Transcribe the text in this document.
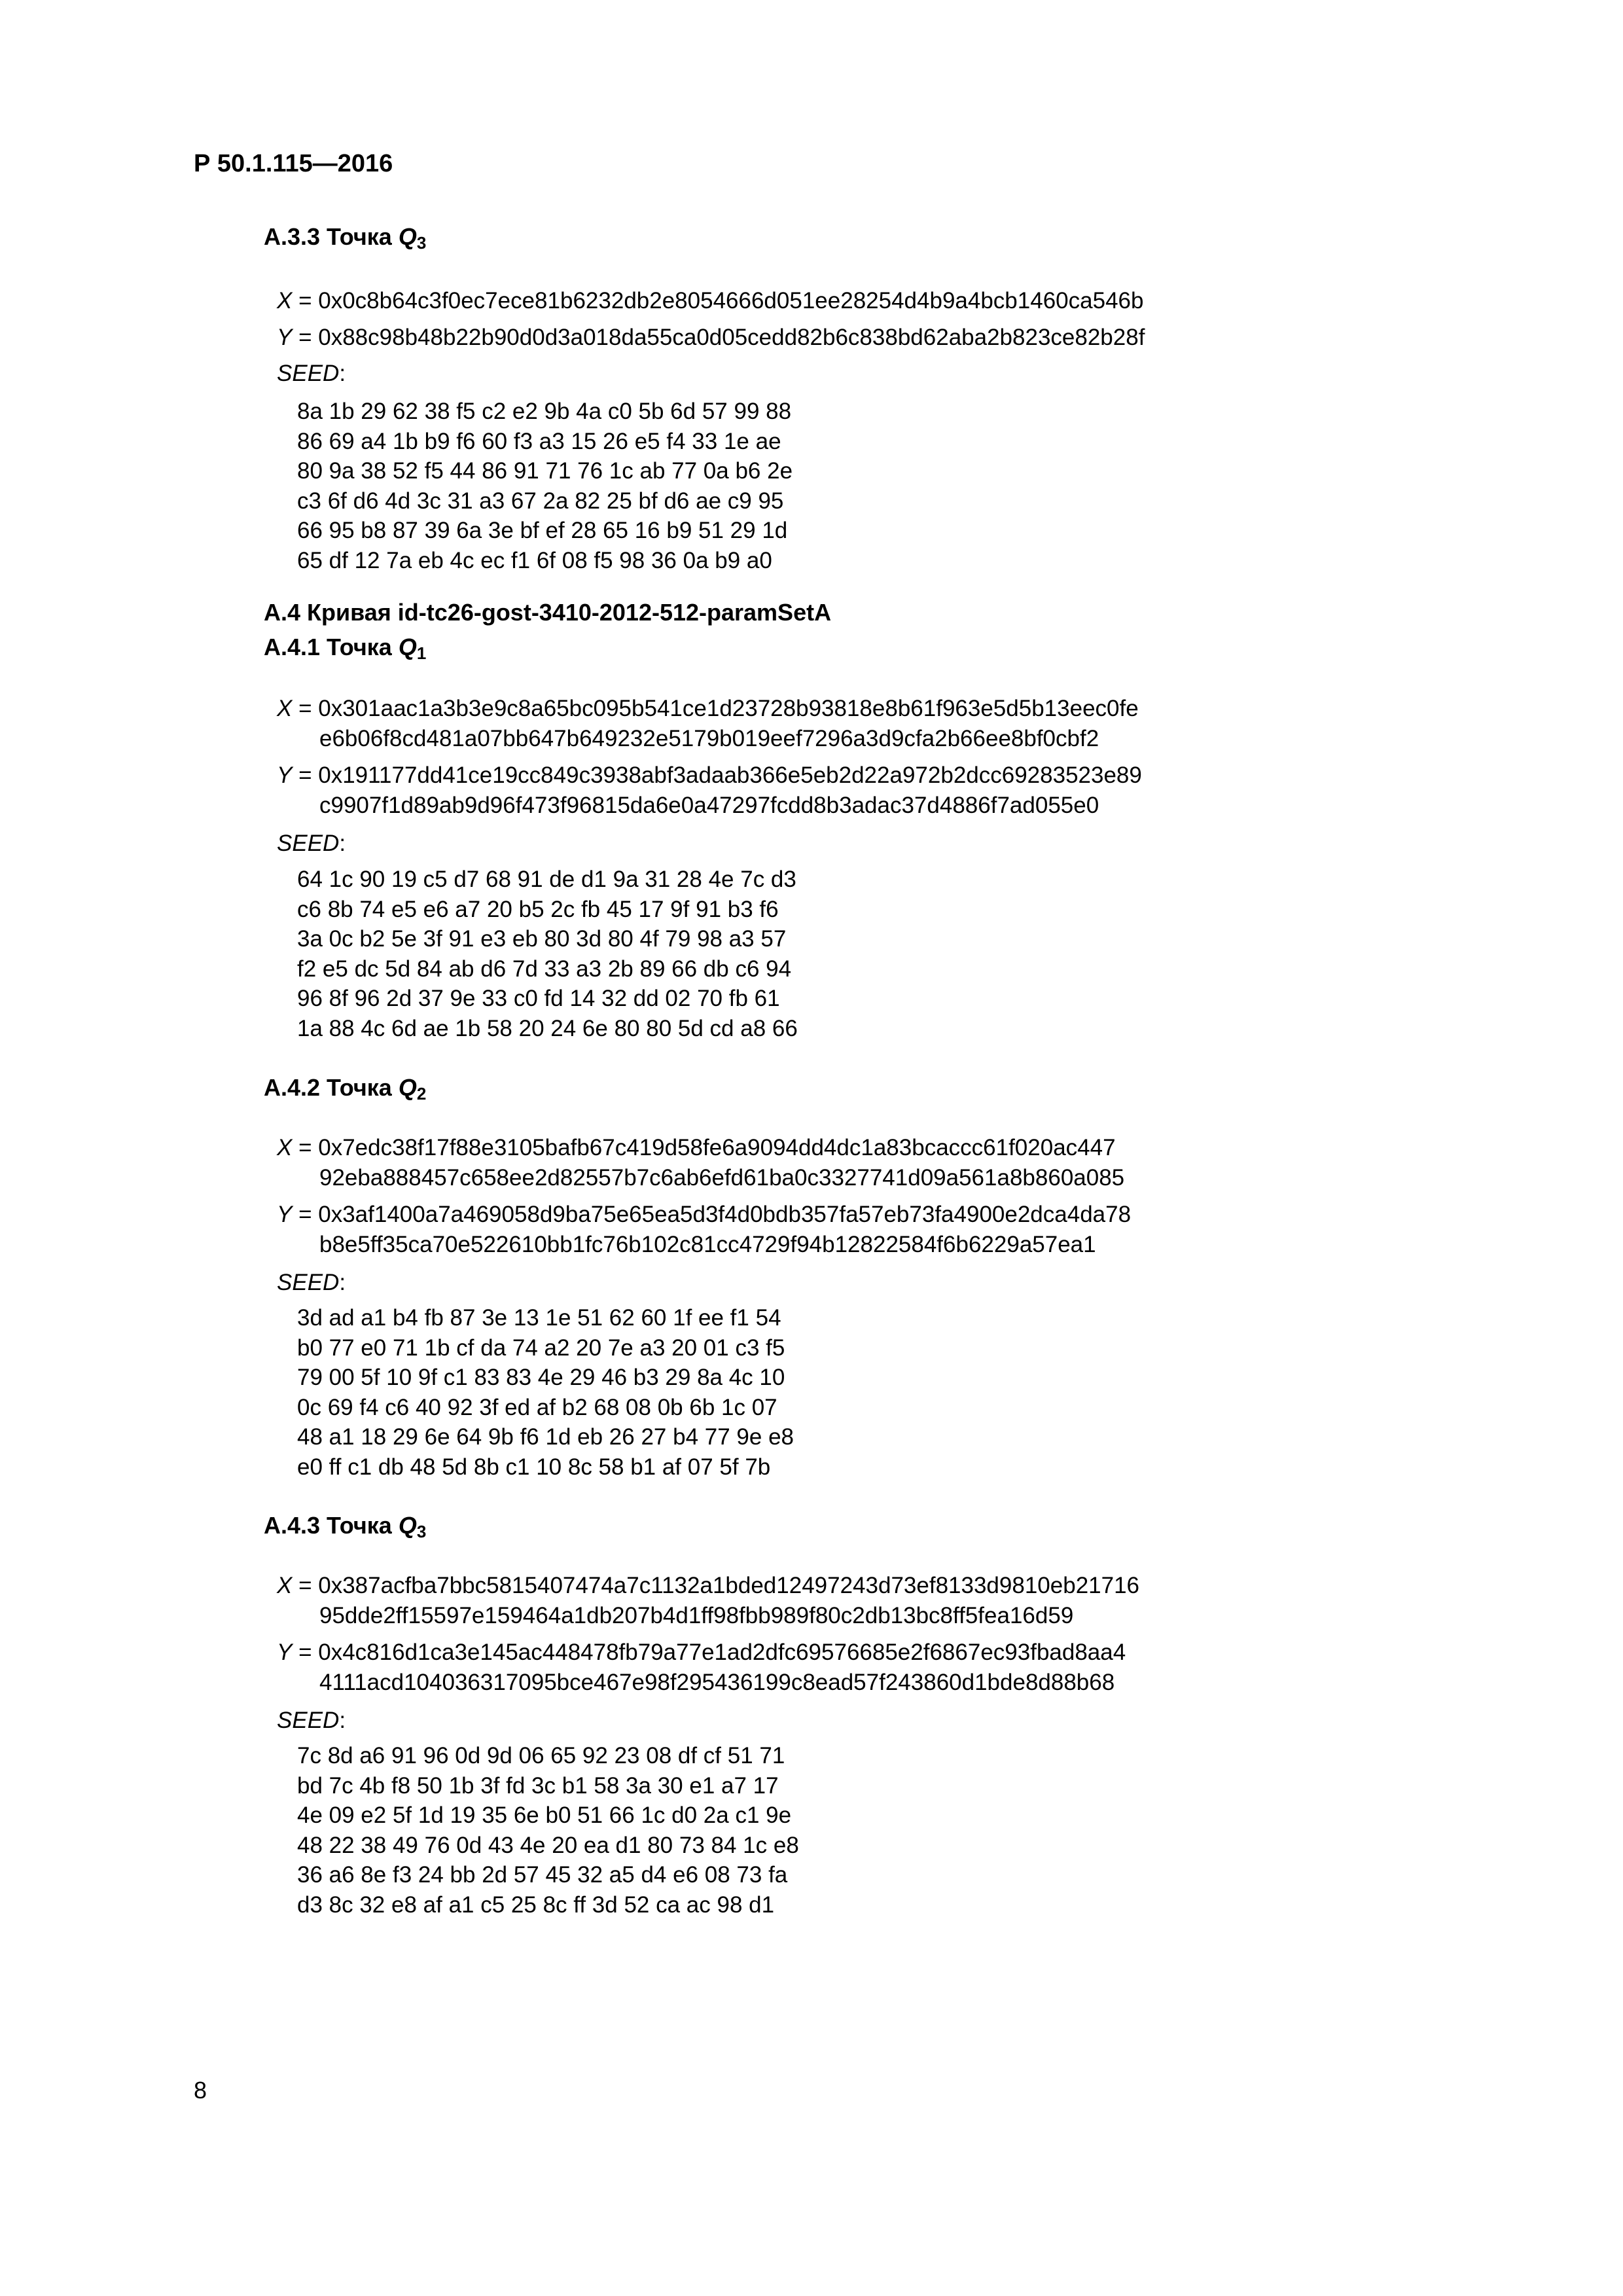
Р 50.1.115—2016
А.3.3 Точка $Q_3$
X = 0x0c8b64c3f0ec7ece81b6232db2e8054666d051ee28254d4b9a4bcb1460ca546b
Y = 0x88c98b48b22b90d0d3a018da55ca0d05cedd82b6c838bd62aba2b823ce82b28f
SEED:
8a 1b 29 62 38 f5 c2 e2 9b 4a c0 5b 6d 57 99 88
86 69 a4 1b b9 f6 60 f3 a3 15 26 e5 f4 33 1e ae
80 9a 38 52 f5 44 86 91 71 76 1c ab 77 0a b6 2e
c3 6f d6 4d 3c 31 a3 67 2a 82 25 bf d6 ae c9 95
66 95 b8 87 39 6a 3e bf ef 28 65 16 b9 51 29 1d
65 df 12 7a eb 4c ec f1 6f 08 f5 98 36 0a b9 a0
А.4 Кривая id-tc26-gost-3410-2012-512-paramSetA
А.4.1 Точка $Q_1$
X = 0x301aac1a3b3e9c8a65bc095b541ce1d23728b93818e8b61f963e5d5b13eec0fe
e6b06f8cd481a07bb647b649232e5179b019eef7296a3d9cfa2b66ee8bf0cbf2
Y = 0x191177dd41ce19cc849c3938abf3adaab366e5eb2d22a972b2dcc69283523e89
c9907f1d89ab9d96f473f96815da6e0a47297fcdd8b3adac37d4886f7ad055e0
SEED:
64 1c 90 19 c5 d7 68 91 de d1 9a 31 28 4e 7c d3
c6 8b 74 e5 e6 a7 20 b5 2c fb 45 17 9f 91 b3 f6
3a 0c b2 5e 3f 91 e3 eb 80 3d 80 4f 79 98 a3 57
f2 e5 dc 5d 84 ab d6 7d 33 a3 2b 89 66 db c6 94
96 8f 96 2d 37 9e 33 c0 fd 14 32 dd 02 70 fb 61
1a 88 4c 6d ae 1b 58 20 24 6e 80 80 5d cd a8 66
А.4.2 Точка $Q_2$
X = 0x7edc38f17f88e3105bafb67c419d58fe6a9094dd4dc1a83bcaccc61f020ac447
92eba888457c658ee2d82557b7c6ab6efd61ba0c3327741d09a561a8b860a085
Y = 0x3af1400a7a469058d9ba75e65ea5d3f4d0bdb357fa57eb73fa4900e2dca4da78
b8e5ff35ca70e522610bb1fc76b102c81cc4729f94b12822584f6b6229a57ea1
SEED:
3d ad a1 b4 fb 87 3e 13 1e 51 62 60 1f ee f1 54
b0 77 e0 71 1b cf da 74 a2 20 7e a3 20 01 c3 f5
79 00 5f 10 9f c1 83 83 4e 29 46 b3 29 8a 4c 10
0c 69 f4 c6 40 92 3f ed af b2 68 08 0b 6b 1c 07
48 a1 18 29 6e 64 9b f6 1d eb 26 27 b4 77 9e e8
e0 ff c1 db 48 5d 8b c1 10 8c 58 b1 af 07 5f 7b
А.4.3 Точка $Q_3$
X = 0x387acfba7bbc5815407474a7c1132a1bded12497243d73ef8133d9810eb21716
95dde2ff15597e159464a1db207b4d1ff98fbb989f80c2db13bc8ff5fea16d59
Y = 0x4c816d1ca3e145ac448478fb79a77e1ad2dfc69576685e2f6867ec93fbad8aa4
4111acd104036317095bce467e98f295436199c8ead57f243860d1bde8d88b68
SEED:
7c 8d a6 91 96 0d 9d 06 65 92 23 08 df cf 51 71
bd 7c 4b f8 50 1b 3f fd 3c b1 58 3a 30 e1 a7 17
4e 09 e2 5f 1d 19 35 6e b0 51 66 1c d0 2a c1 9e
48 22 38 49 76 0d 43 4e 20 ea d1 80 73 84 1c e8
36 a6 8e f3 24 bb 2d 57 45 32 a5 d4 e6 08 73 fa
d3 8c 32 e8 af a1 c5 25 8c ff 3d 52 ca ac 98 d1

8
